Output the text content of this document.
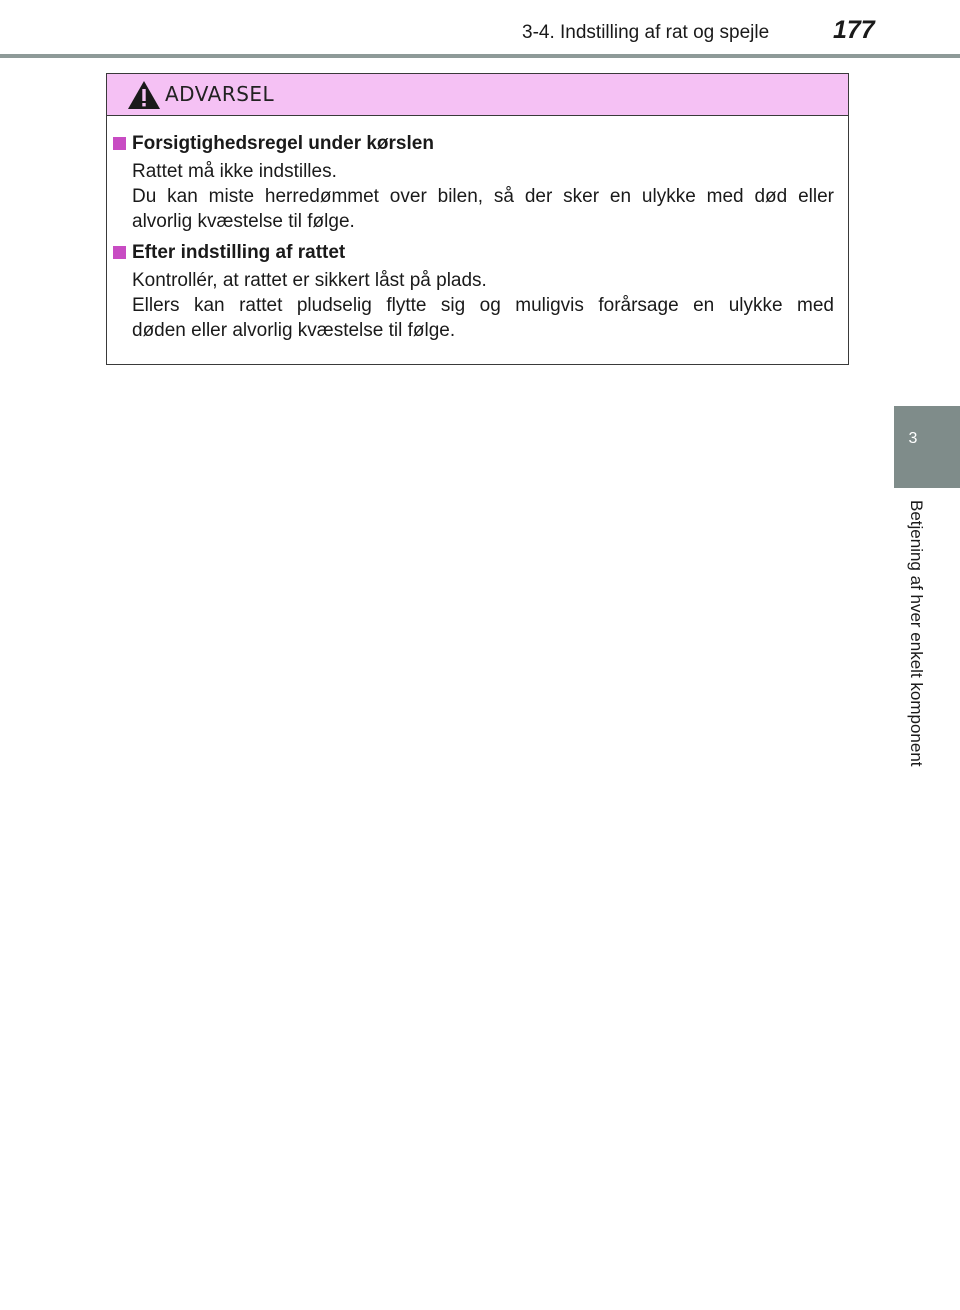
3-4. Indstilling af rat og spejle	177
3
Betjening af hver enkelt komponent
ADVARSEL
Forsigtighedsregel under kørslen
Rattet må ikke indstilles.
Du kan miste herredømmet over bilen, så der sker en ulykke med død eller
alvorlig kvæstelse til følge.
Efter indstilling af rattet
Kontrollér, at rattet er sikkert låst på plads.
Ellers kan rattet pludselig flytte sig og muligvis forårsage en ulykke med
døden eller alvorlig kvæstelse til følge.
